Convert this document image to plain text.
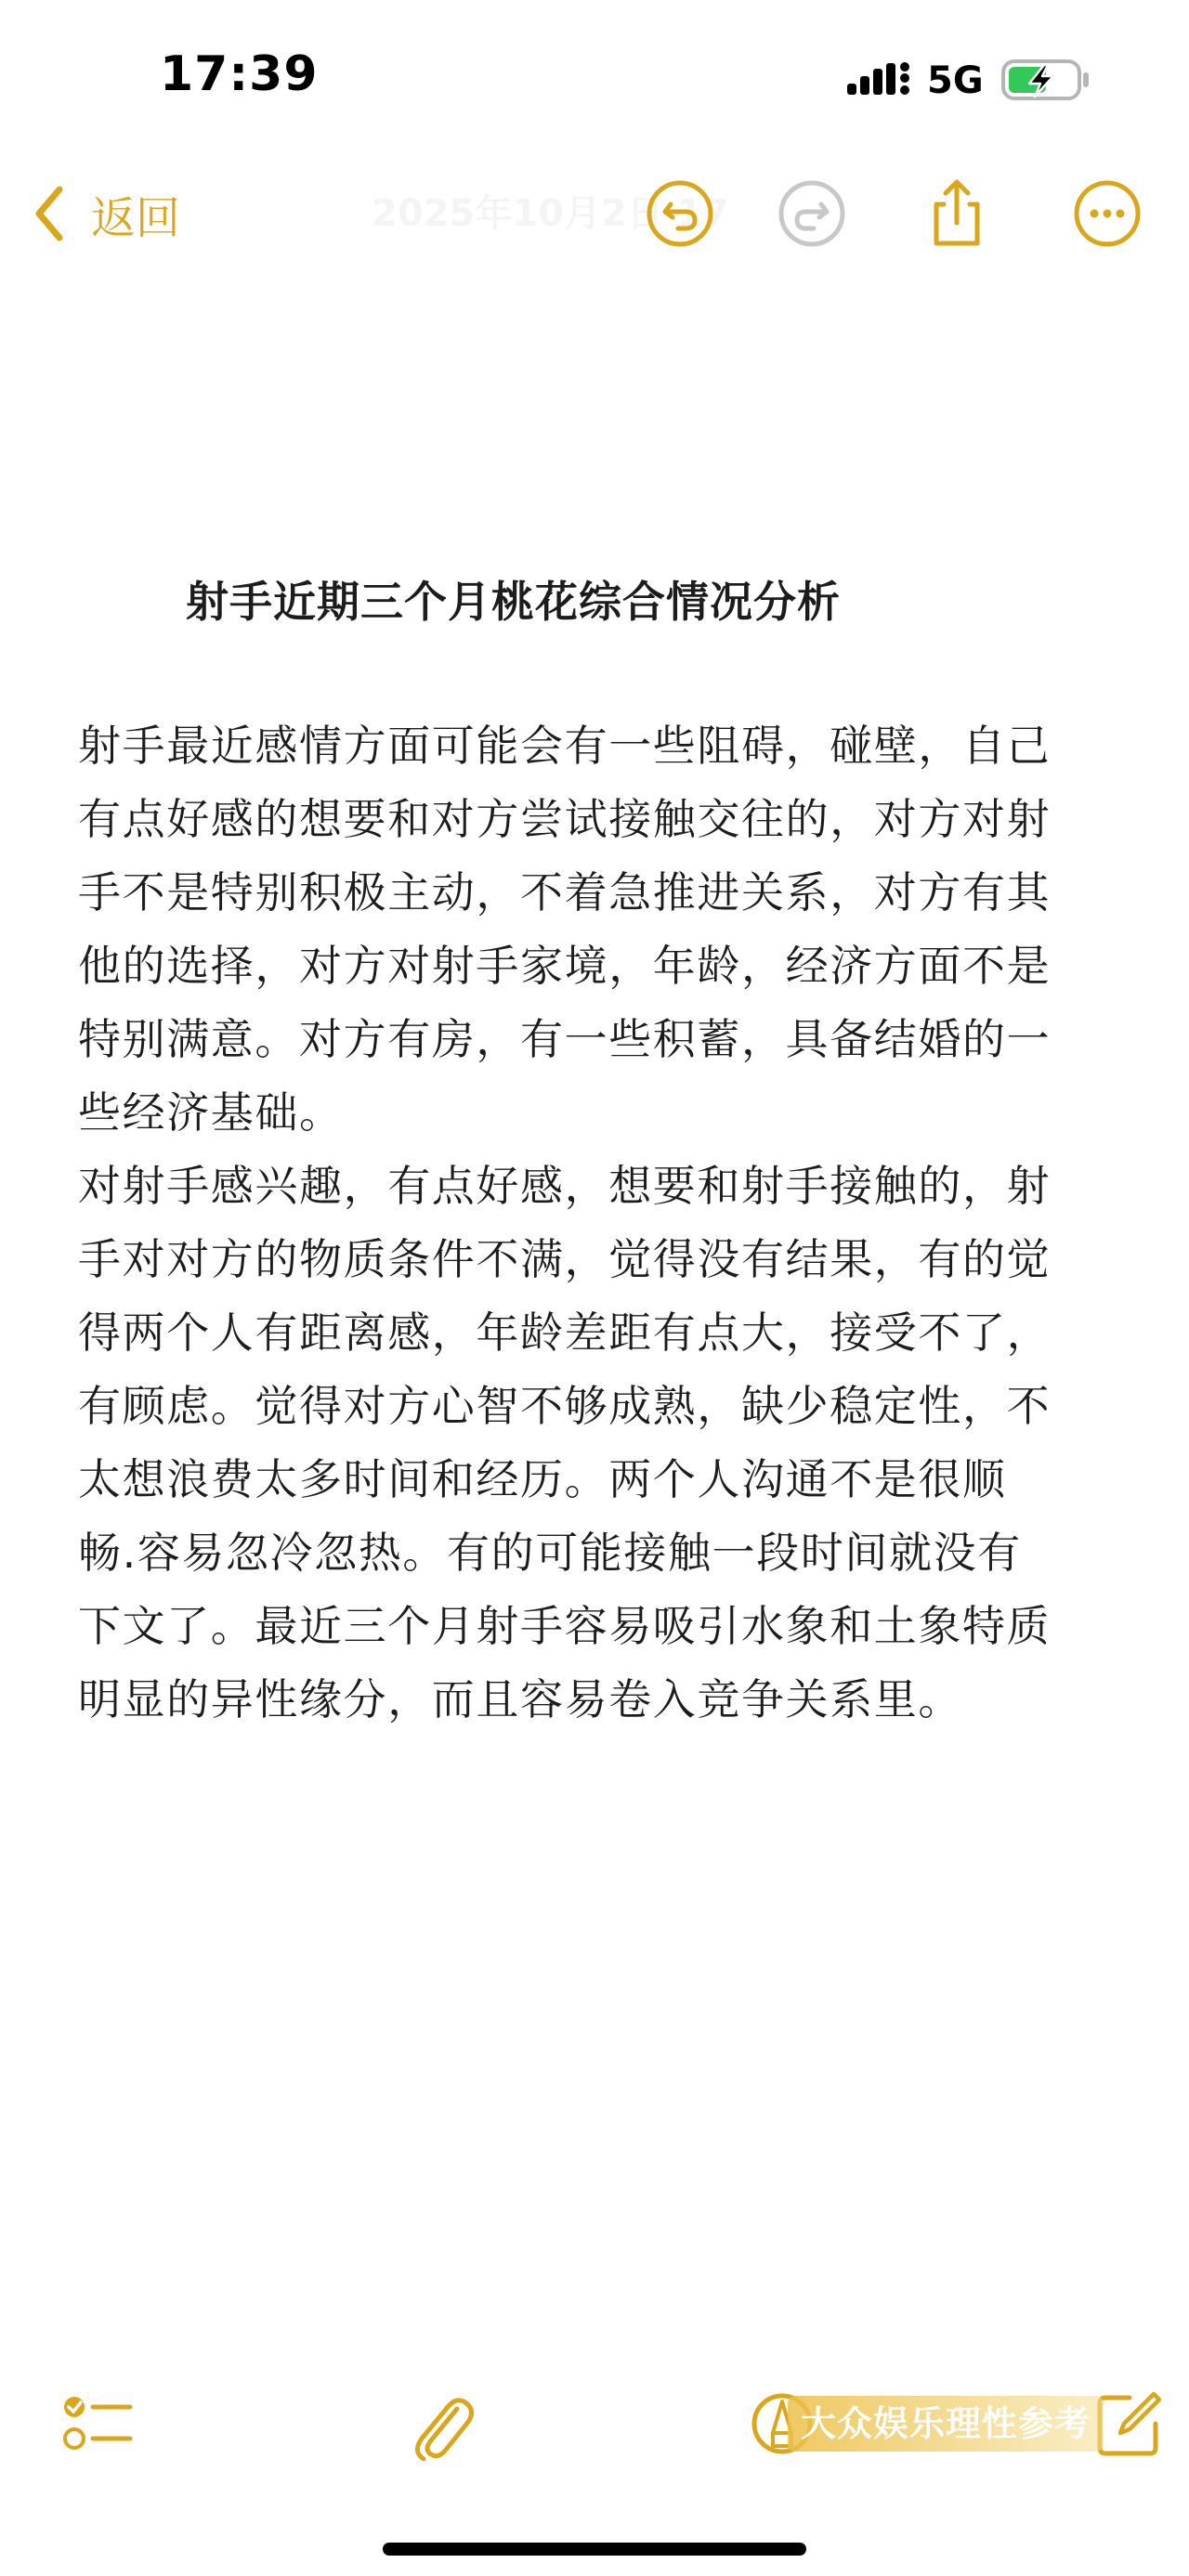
17:39	5G
返回	2025年10月2日 17
射手近期三个月桃花综合情况分析

射手最近感情方面可能会有一些阻碍，碰壁，自己
有点好感的想要和对方尝试接触交往的，对方对射
手不是特别积极主动，不着急推进关系，对方有其
他的选择，对方对射手家境，年龄，经济方面不是
特别满意。对方有房，有一些积蓄，具备结婚的一
些经济基础。

对射手感兴趣，有点好感，想要和射手接触的，射
手对对方的物质条件不满，觉得没有结果，有的觉
得两个人有距离感，年龄差距有点大，接受不了，
有顾虑。觉得对方心智不够成熟，缺少稳定性，不
太想浪费太多时间和经历。两个人沟通不是很顺
畅.容易忽冷忽热。有的可能接触一段时间就没有
下文了。最近三个月射手容易吸引水象和土象特质
明显的异性缘分，而且容易卷入竞争关系里。

大众娱乐理性参考
